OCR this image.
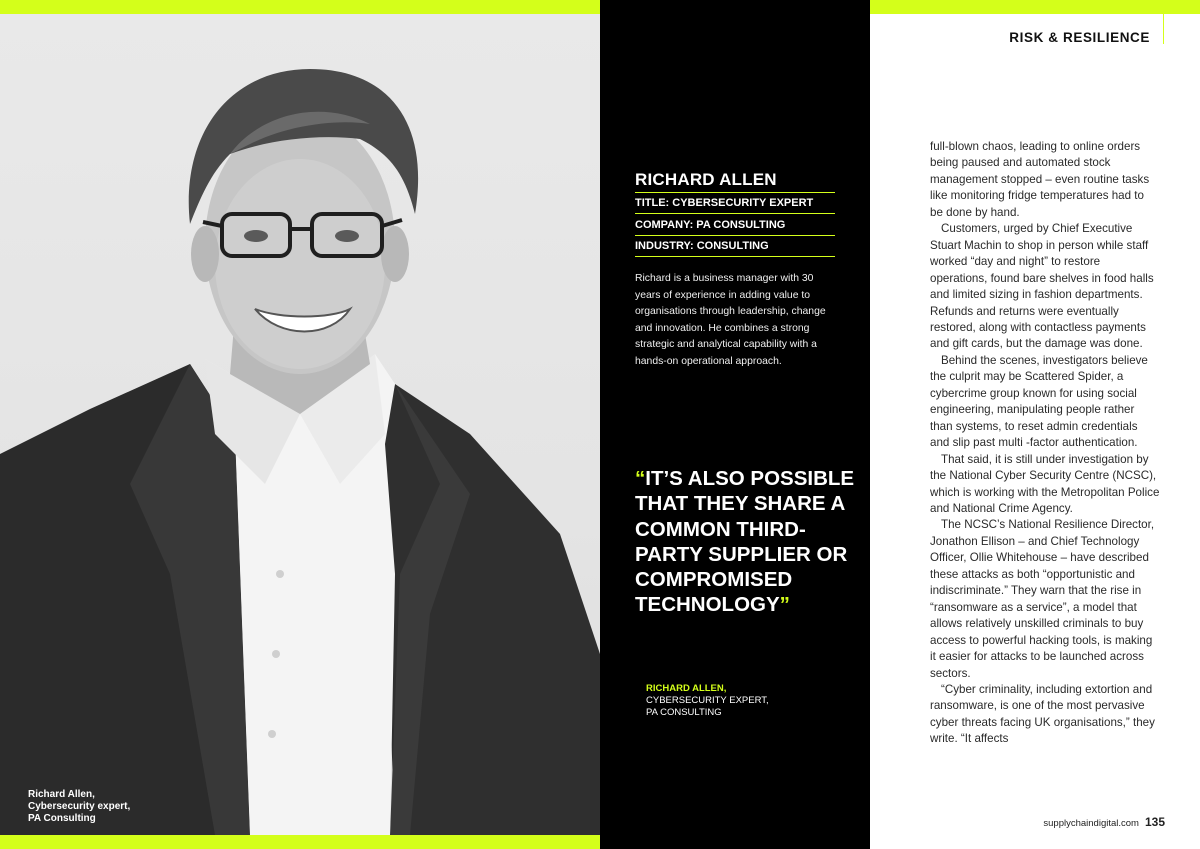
Richard Allen,
Cybersecurity expert,
PA Consulting
RICHARD ALLEN
TITLE: CYBERSECURITY EXPERT
COMPANY: PA CONSULTING
INDUSTRY: CONSULTING
Richard is a business manager with 30 years of experience in adding value to organisations through leadership, change and innovation. He combines a strong strategic and analytical capability with a hands-on operational approach.
“IT’S ALSO POSSIBLE THAT THEY SHARE A COMMON THIRD-PARTY SUPPLIER OR COMPROMISED TECHNOLOGY”
RICHARD ALLEN,
CYBERSECURITY EXPERT,
PA CONSULTING
RISK & RESILIENCE

full-blown chaos, leading to online orders being paused and automated stock management stopped – even routine tasks like monitoring fridge temperatures had to be done by hand.

Customers, urged by Chief Executive Stuart Machin to shop in person while staff worked “day and night” to restore operations, found bare shelves in food halls and limited sizing in fashion departments. Refunds and returns were eventually restored, along with contactless payments and gift cards, but the damage was done.

Behind the scenes, investigators believe the culprit may be Scattered Spider, a cybercrime group known for using social engineering, manipulating people rather than systems, to reset admin credentials and slip past multi -factor authentication.

That said, it is still under investigation by the National Cyber Security Centre (NCSC), which is working with the Metropolitan Police and National Crime Agency.

The NCSC’s National Resilience Director, Jonathon Ellison – and Chief Technology Officer, Ollie Whitehouse – have described these attacks as both “opportunistic and indiscriminate.” They warn that the rise in “ransomware as a service”, a model that allows relatively unskilled criminals to buy access to powerful hacking tools, is making it easier for attacks to be launched across sectors.

“Cyber criminality, including extortion and ransomware, is one of the most pervasive cyber threats facing UK organisations,” they write. “It affects

supplychaindigital.com 135
